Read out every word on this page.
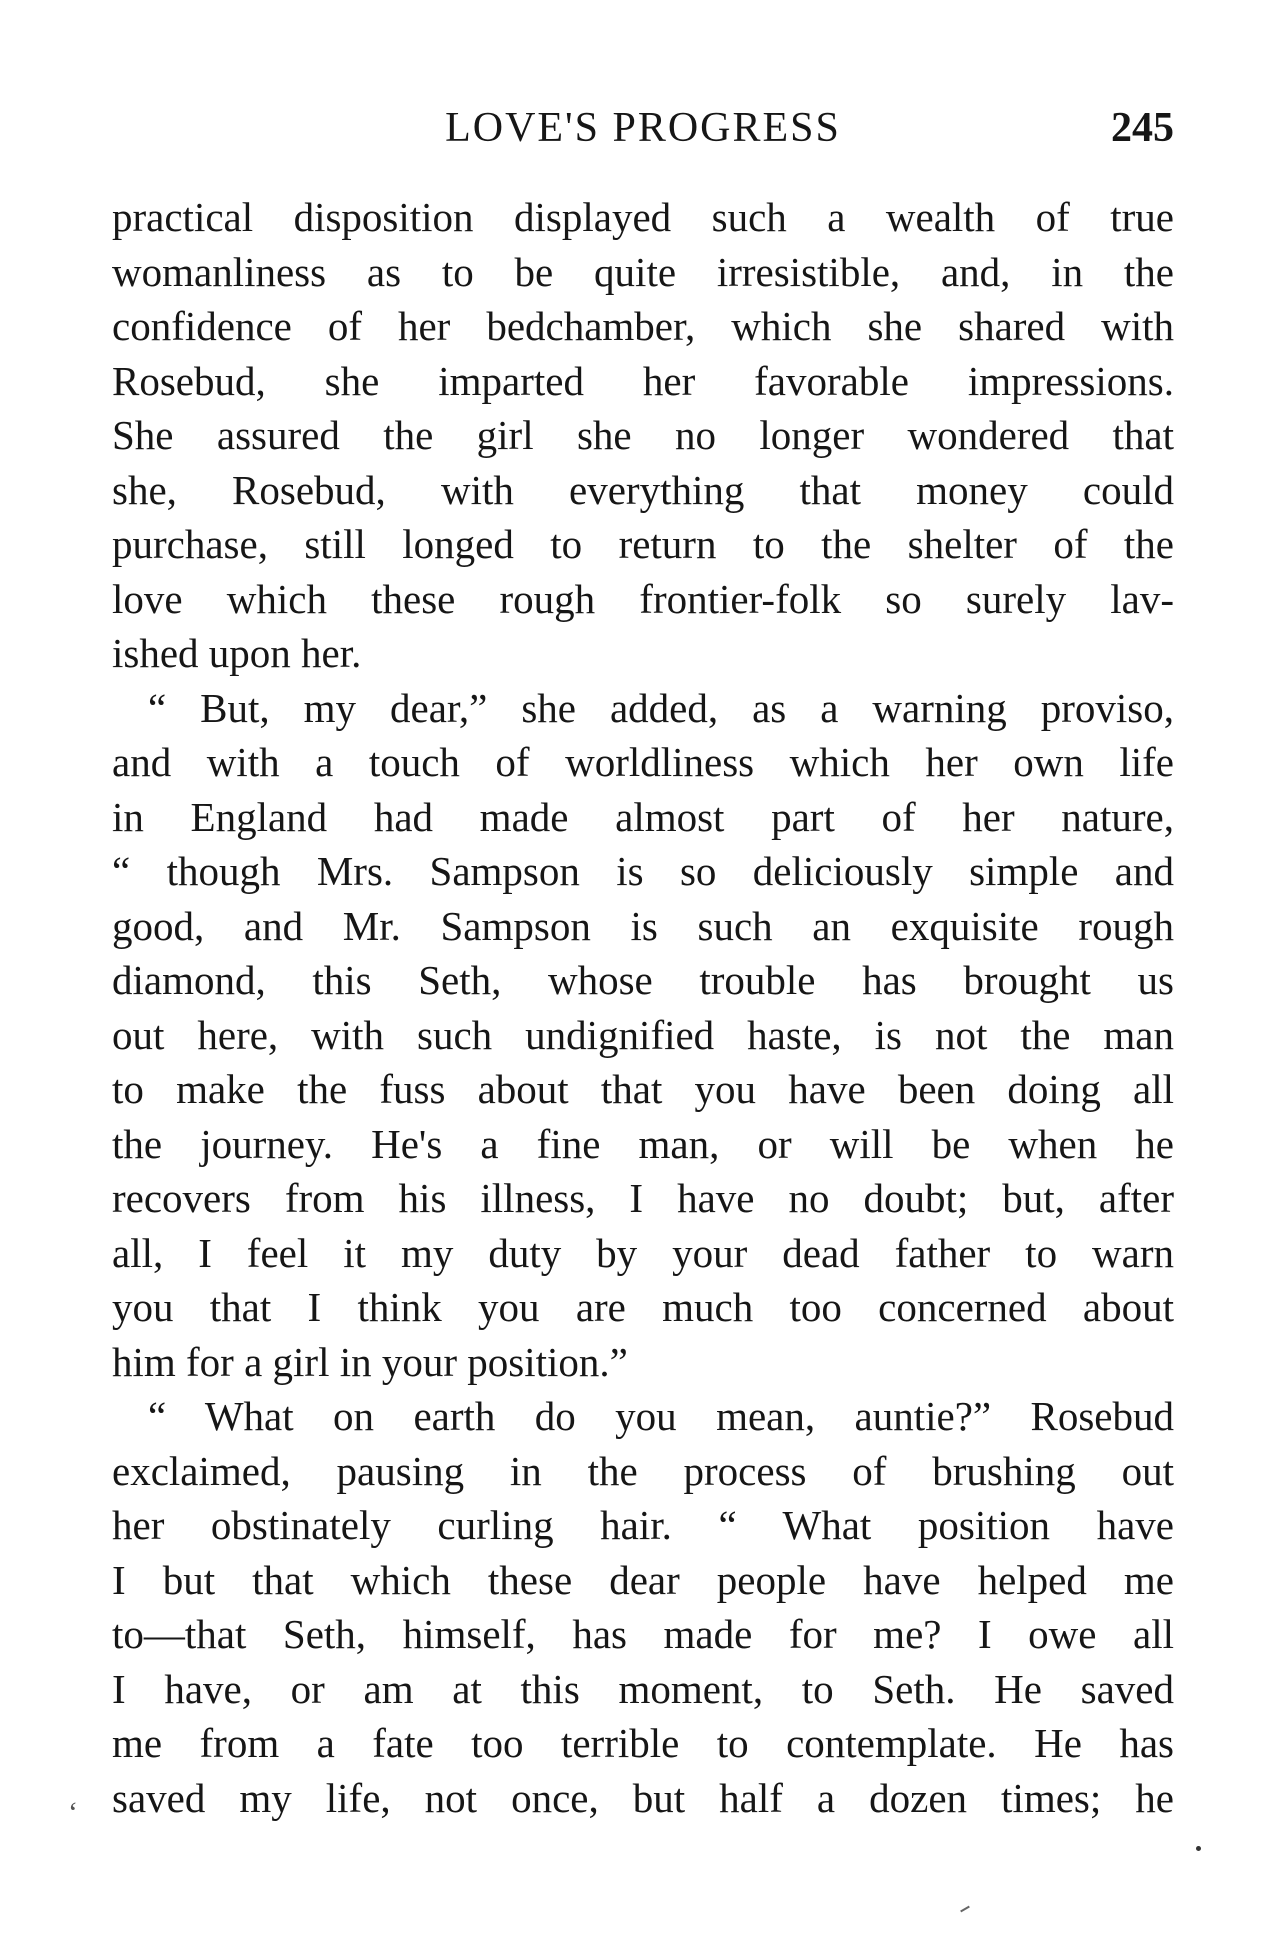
LOVE'S PROGRESS	245
practical disposition displayed such a wealth of true
womanliness as to be quite irresistible, and, in the
confidence of her bedchamber, which she shared with
Rosebud, she imparted her favorable impressions.
She assured the girl she no longer wondered that
she, Rosebud, with everything that money could
purchase, still longed to return to the shelter of the
love which these rough frontier-folk so surely lav-
ished upon her.
“ But, my dear,” she added, as a warning proviso,
and with a touch of worldliness which her own life
in England had made almost part of her nature,
“ though Mrs. Sampson is so deliciously simple and
good, and Mr. Sampson is such an exquisite rough
diamond, this Seth, whose trouble has brought us
out here, with such undignified haste, is not the man
to make the fuss about that you have been doing all
the journey. He's a fine man, or will be when he
recovers from his illness, I have no doubt; but, after
all, I feel it my duty by your dead father to warn
you that I think you are much too concerned about
him for a girl in your position.”
“ What on earth do you mean, auntie?” Rosebud
exclaimed, pausing in the process of brushing out
her obstinately curling hair. “ What position have
I but that which these dear people have helped me
to—that Seth, himself, has made for me? I owe all
I have, or am at this moment, to Seth. He saved
me from a fate too terrible to contemplate. He has
saved my life, not once, but half a dozen times; he
ʻ
